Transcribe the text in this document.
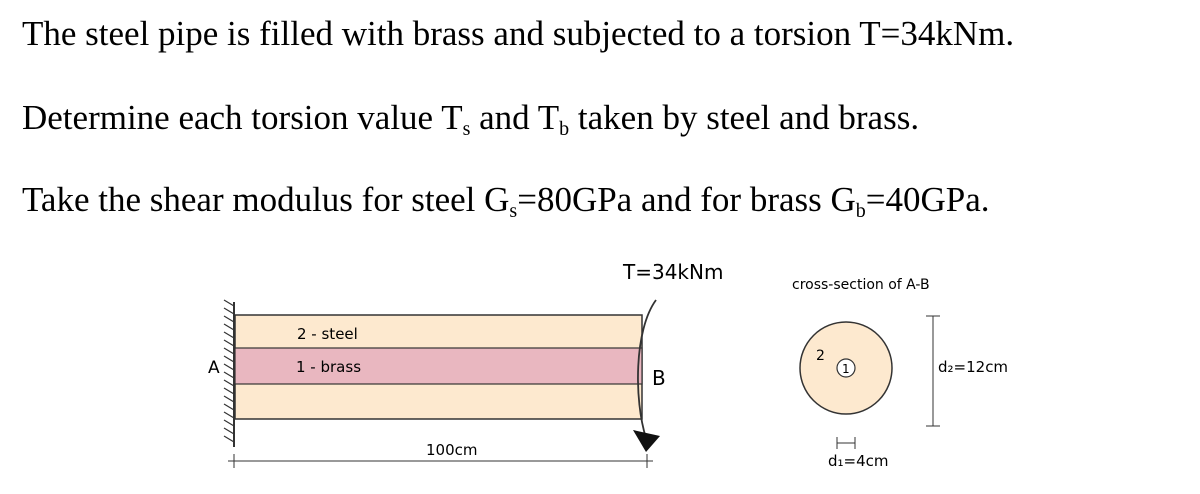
The steel pipe is filled with brass and subjected to a torsion T=34kNm.

Determine each torsion value $T_s$ and $T_b$ taken by steel and brass.

Take the shear modulus for steel $G_s=80GPa$ and for brass $G_b=40GPa$.

A
2 - steel
1 - brass
T=34kNm
B
100cm
cross-section of A-B
1
2
d₂=12cm
d₁=4cm
